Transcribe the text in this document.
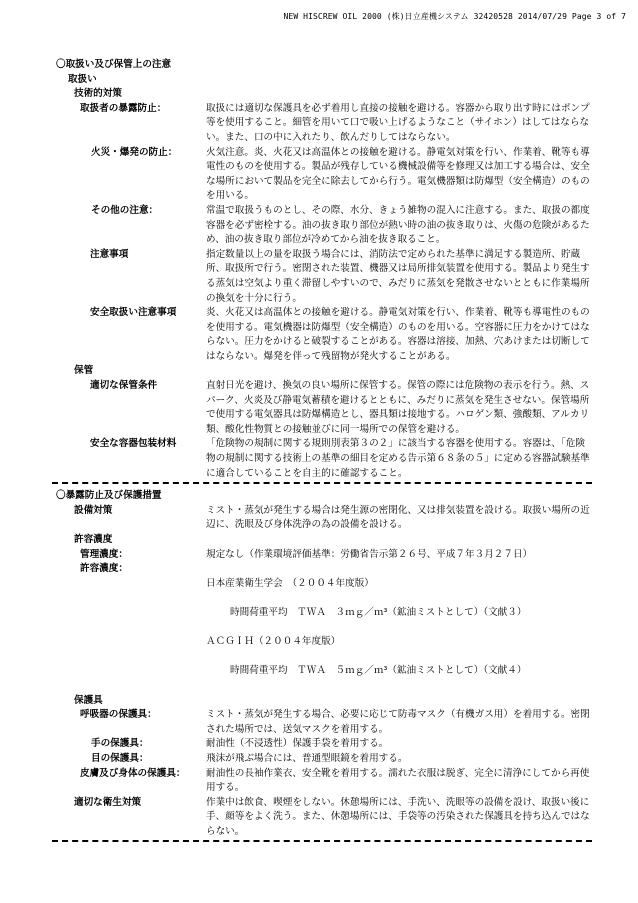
NEW HISCREW OIL 2000 (株)日立産機システム 32420528 2014/07/29 Page 3 of 7
〇取扱い及び保管上の注意
取扱い
技術的対策
取扱者の暴露防止：	取扱には適切な保護具を必ず着用し直接の接触を避ける。容器から取り出す時にはポンプ等を使用すること。細管を用いて口で吸い上げるようなこと（サイホン）はしてはならない。また、口の中に入れたり、飲んだりしてはならない。
火災・爆発の防止：	火気注意。炎、火花又は高温体との接触を避ける。静電気対策を行い、作業着、靴等も導電性のものを使用する。製品が残存している機械設備等を修理又は加工する場合は、安全な場所において製品を完全に除去してから行う。電気機器類は防爆型（安全構造）のものを用いる。
その他の注意：	常温で取扱うものとし、その際、水分、きょう雑物の混入に注意する。また、取扱の都度容器を必ず密栓する。油の抜き取り部位が熱い時の油の抜き取りは、火傷の危険があるため、油の抜き取り部位が冷めてから油を抜き取ること。
注意事項	指定数量以上の量を取扱う場合には、消防法で定められた基準に満足する製造所、貯蔵所、取扱所で行う。密閉された装置、機器又は局所排気装置を使用する。製品より発生する蒸気は空気より重く滞留しやすいので、みだりに蒸気を発散させないとともに作業場所の換気を十分に行う。
安全取扱い注意事項	炎、火花又は高温体との接触を避ける。静電気対策を行い、作業着、靴等も導電性のものを使用する。電気機器は防爆型（安全構造）のものを用いる。空容器に圧力をかけてはならない。圧力をかけると破裂することがある。容器は溶接、加熱、穴あけまたは切断してはならない。爆発を伴って残留物が発火することがある。
保管
適切な保管条件	直射日光を避け、換気の良い場所に保管する。保管の際には危険物の表示を行う。熱、スパーク、火炎及び静電気蓄積を避けるとともに、みだりに蒸気を発生させない。保管場所で使用する電気器具は防爆構造とし、器具類は接地する。ハロゲン類、強酸類、アルカリ類、酸化性物質との接触並びに同一場所での保管を避ける。
安全な容器包装材料	「危険物の規制に関する規則別表第３の２」に該当する容器を使用する。容器は、「危険物の規制に関する技術上の基準の細目を定める告示第６８条の５」に定める容器試験基準に適合していることを自主的に確認すること。
〇暴露防止及び保護措置
設備対策	ミスト・蒸気が発生する場合は発生源の密閉化、又は排気装置を設ける。取扱い場所の近辺に、洗眼及び身体洗浄の為の設備を設ける。
許容濃度
管理濃度：	規定なし（作業環境評価基準：労働省告示第２６号、平成７年３月２７日）
許容濃度：

日本産業衛生学会　（２００４年度版）

時間荷重平均　ＴＷＡ　３ｍｇ／ｍ³（鉱油ミストとして）（文献３）

ＡＣＧＩＨ（２００４年度版）

時間荷重平均　ＴＷＡ　５ｍｇ／ｍ³（鉱油ミストとして）（文献４）

保護具
呼吸器の保護具：	ミスト・蒸気が発生する場合、必要に応じて防毒マスク（有機ガス用）を着用する。密閉された場所では、送気マスクを着用する。
手の保護具：	耐油性（不浸透性）保護手袋を着用する。
目の保護具：	飛沫が飛ぶ場合には、普通型眼鏡を着用する。
皮膚及び身体の保護具：	耐油性の長袖作業衣、安全靴を着用する。濡れた衣服は脱ぎ、完全に清浄にしてから再使用する。
適切な衛生対策	作業中は飲食、喫煙をしない。休憩場所には、手洗い、洗眼等の設備を設け、取扱い後に手、顔等をよく洗う。また、休憩場所には、手袋等の汚染された保護具を持ち込んではならない。
